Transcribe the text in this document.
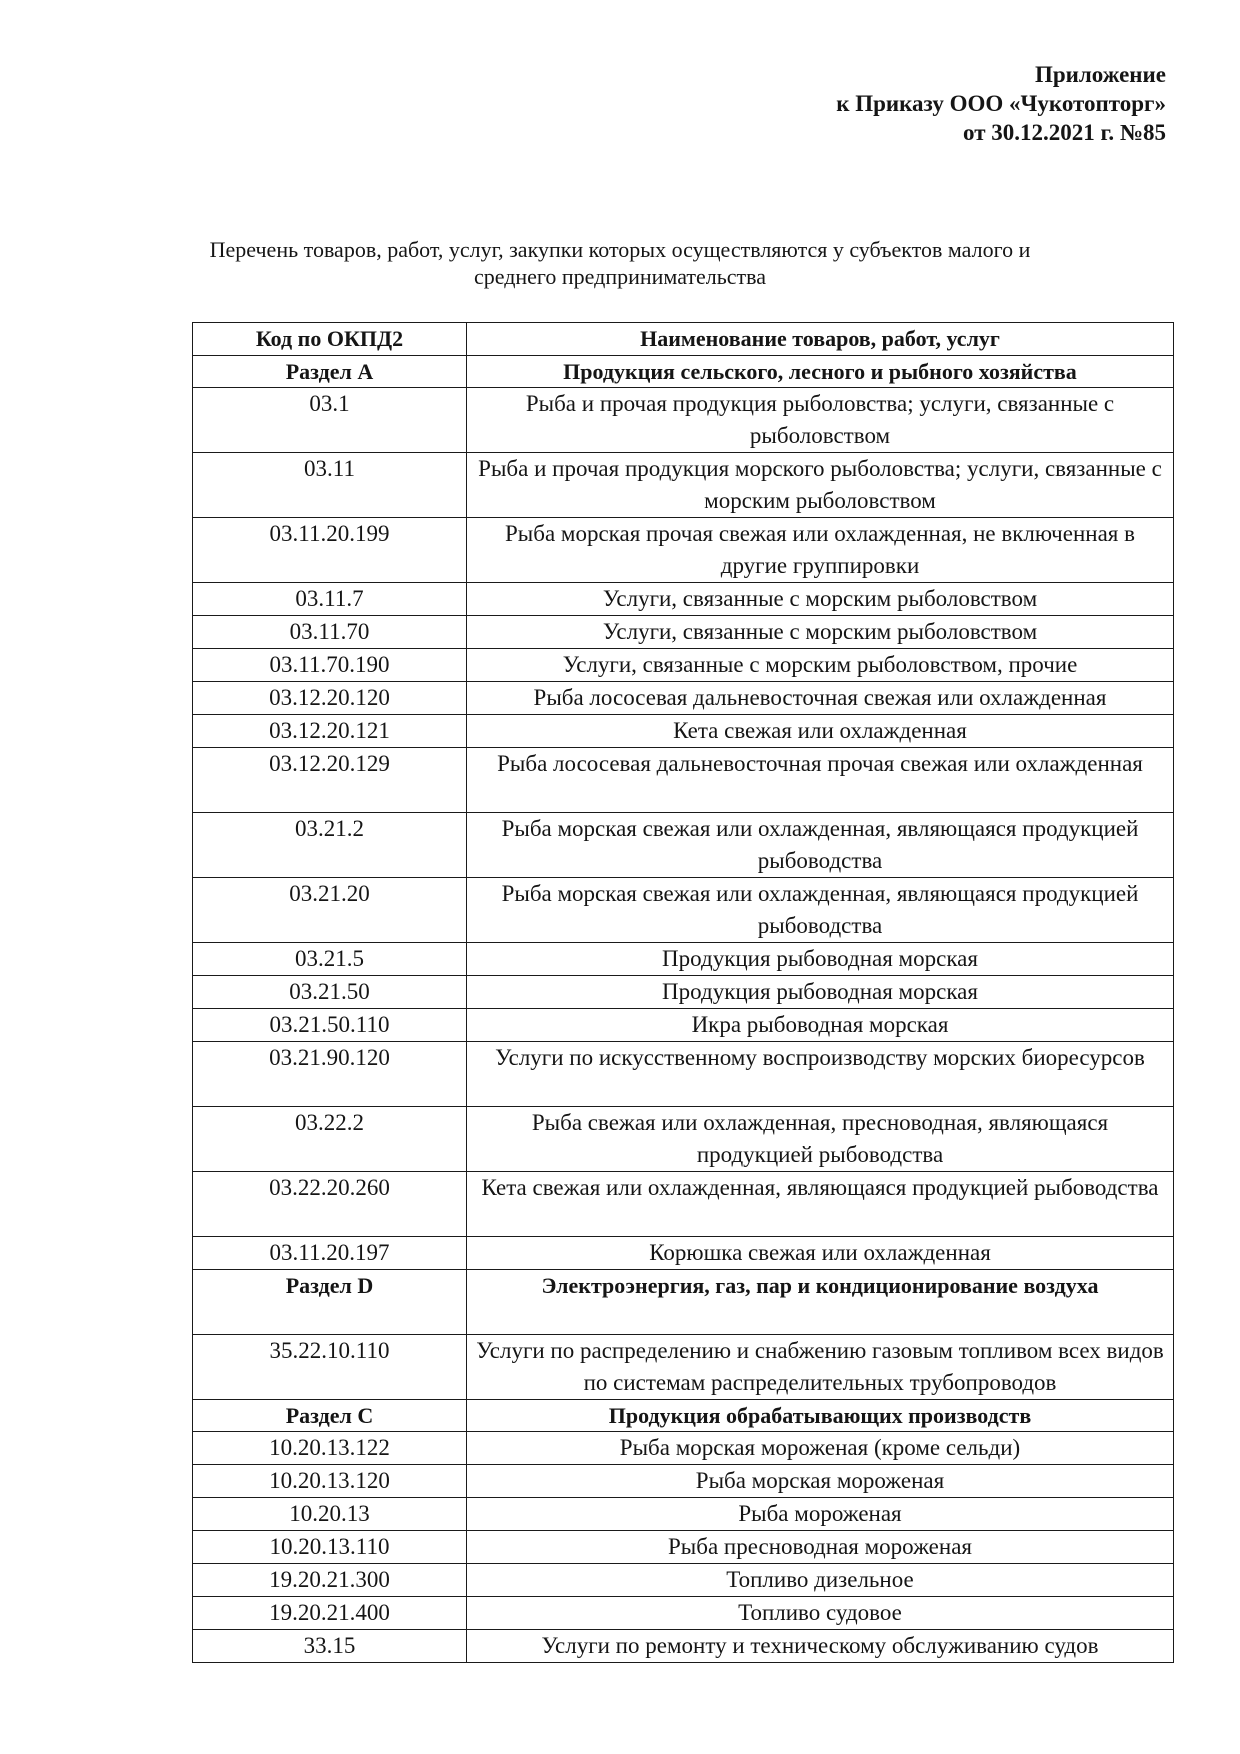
Приложение
к Приказу ООО «Чукотопторг»
от 30.12.2021 г. №85
Перечень товаров, работ, услуг, закупки которых осуществляются у субъектов малого и среднего предпринимательства
Код по ОКПД2	Наименование товаров, работ, услуг
Раздел А	Продукция сельского, лесного и рыбного хозяйства
03.1	Рыба и прочая продукция рыболовства; услуги, связанные с рыболовством
03.11	Рыба и прочая продукция морского рыболовства; услуги, связанные с морским рыболовством
03.11.20.199	Рыба морская прочая свежая или охлажденная, не включенная в другие группировки
03.11.7	Услуги, связанные с морским рыболовством
03.11.70	Услуги, связанные с морским рыболовством
03.11.70.190	Услуги, связанные с морским рыболовством, прочие
03.12.20.120	Рыба лососевая дальневосточная свежая или охлажденная
03.12.20.121	Кета свежая или охлажденная
03.12.20.129	Рыба лососевая дальневосточная прочая свежая или охлажденная
03.21.2	Рыба морская свежая или охлажденная, являющаяся продукцией рыбоводства
03.21.20	Рыба морская свежая или охлажденная, являющаяся продукцией рыбоводства
03.21.5	Продукция рыбоводная морская
03.21.50	Продукция рыбоводная морская
03.21.50.110	Икра рыбоводная морская
03.21.90.120	Услуги по искусственному воспроизводству морских биоресурсов
03.22.2	Рыба свежая или охлажденная, пресноводная, являющаяся продукцией рыбоводства
03.22.20.260	Кета свежая или охлажденная, являющаяся продукцией рыбоводства
03.11.20.197	Корюшка свежая или охлажденная
Раздел D	Электроэнергия, газ, пар и кондиционирование воздуха
35.22.10.110	Услуги по распределению и снабжению газовым топливом всех видов по системам распределительных трубопроводов
Раздел С	Продукция обрабатывающих производств
10.20.13.122	Рыба морская мороженая (кроме сельди)
10.20.13.120	Рыба морская мороженая
10.20.13	Рыба мороженая
10.20.13.110	Рыба пресноводная мороженая
19.20.21.300	Топливо дизельное
19.20.21.400	Топливо судовое
33.15	Услуги по ремонту и техническому обслуживанию судов
